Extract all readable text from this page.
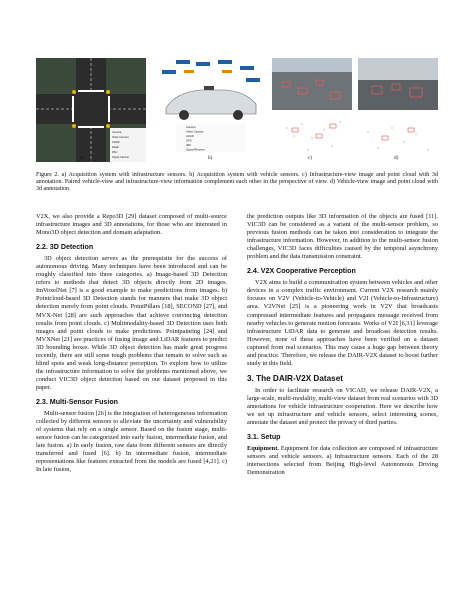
Camera
Video Camera
LiDAR
Radar
RSU
Signal Cabinet
Camera
Video Camera
LiDAR
GPS
IMU
Signal Receiver
a)	b)	c)	d)
Figure 2. a) Acquisition system with infrastructure sensors. b) Acquisition system with vehicle sensors. c) Infrastructure-view image and point cloud with 3d annotation. Paired vehicle-view and infrastructure-view information complement each other in the perspective of view. d) Vehicle-view image and point cloud with 3d annotation.

V2X, we also provide a Repo3D [29] dataset composed of multi-source infrastructure images and 3D annotations, for those who are interested in Mono3D object detection and domain adaptation.

2.2. 3D Detection

3D object detection serves as the prerequisite for the success of autonomous driving. Many techniques have been introduced and can be roughly classified into three categories. a) Image-based 3D Detection refers to methods that detect 3D objects directly from 2D images. ImVoxelNet [7] is a good example to make predictions from images. b) Pointcloud-based 3D Detection stands for manners that make 3D object detection merely from point clouds. PointPillars [18], SECOND [27], and MVX-Net [28] are such approaches that achieve convincing detection results from point clouds. c) Multimodality-based 3D Detection uses both images and point clouds to make predictions. Pointpainting [24] and MVXNet [21] are practices of fusing image and LiDAR features to predict 3D bounding boxes. While 3D object detection has made great progress recently, there are still some tough problems that remain to solve such as blind spots and weak long-distance perception. To explore how to utilize the infrastructure information to solve the problems mentioned above, we conduct VIC3D object detection based on our dataset proposed in this paper.

2.3. Multi-Sensor Fusion

Multi-sensor fusion [26] is the integration of heterogeneous information collected by different sensors to alleviate the uncertainty and vulnerability of systems that rely on a single sensor. Based on the fusion stage, multi-sensor fusion can be categorized into early fusion, intermediate fusion, and late fusion. a) In early fusion, raw data from different sensors are directly transferred and fused [6]. b) In intermediate fusion, intermediate representations like features extracted from the models are fused [4,21]. c) In late fusion,

the prediction outputs like 3D information of the objects are fused [11]. VIC3D can be considered as a variant of the multi-sensor problem, so previous fusion methods can be taken into consideration to integrate the infrastructure information. However, in addition to the multi-sensor fusion challenges, VIC3D faces difficulties caused by the temporal asynchrony problem and the data transmission constraint.

2.4. V2X Cooperative Perception

V2X aims to build a communication system between vehicles and other devices in a complex traffic environment. Current V2X research mainly focuses on V2V (Vehicle-to-Vehicle) and V2I (Vehicle-to-Infrastructure) area. V2VNet [25] is a pioneering work in V2V that broadcasts compressed intermediate features and propagates message received from nearby vehicles to generate motion forecasts. Works of V2I [6,31] leverage infrastructure LiDAR data to generate and broadcast detection results. However, none of these approaches have been verified on a dataset captured from real scenarios. This may cause a huge gap between theory and practice. Therefore, we release the DAIR-V2X dataset to boost further study in this field.

3. The DAIR-V2X Dataset

In order to facilitate research on VICAD, we release DAIR-V2X, a large-scale, multi-modality, multi-view dataset from real scenarios with 3D annotations for vehicle infrastructure cooperation. Here we describe how we set up infrastructure and vehicle sensors, select interesting scenes, annotate the dataset and protect the privacy of third parties.

3.1. Setup

Equipment. Equipment for data collection are composed of infrastructure sensors and vehicle sensors. a) Infrastructure sensors. Each of the 28 intersections selected from Beijing High-level Autonomous Driving Demonstration
